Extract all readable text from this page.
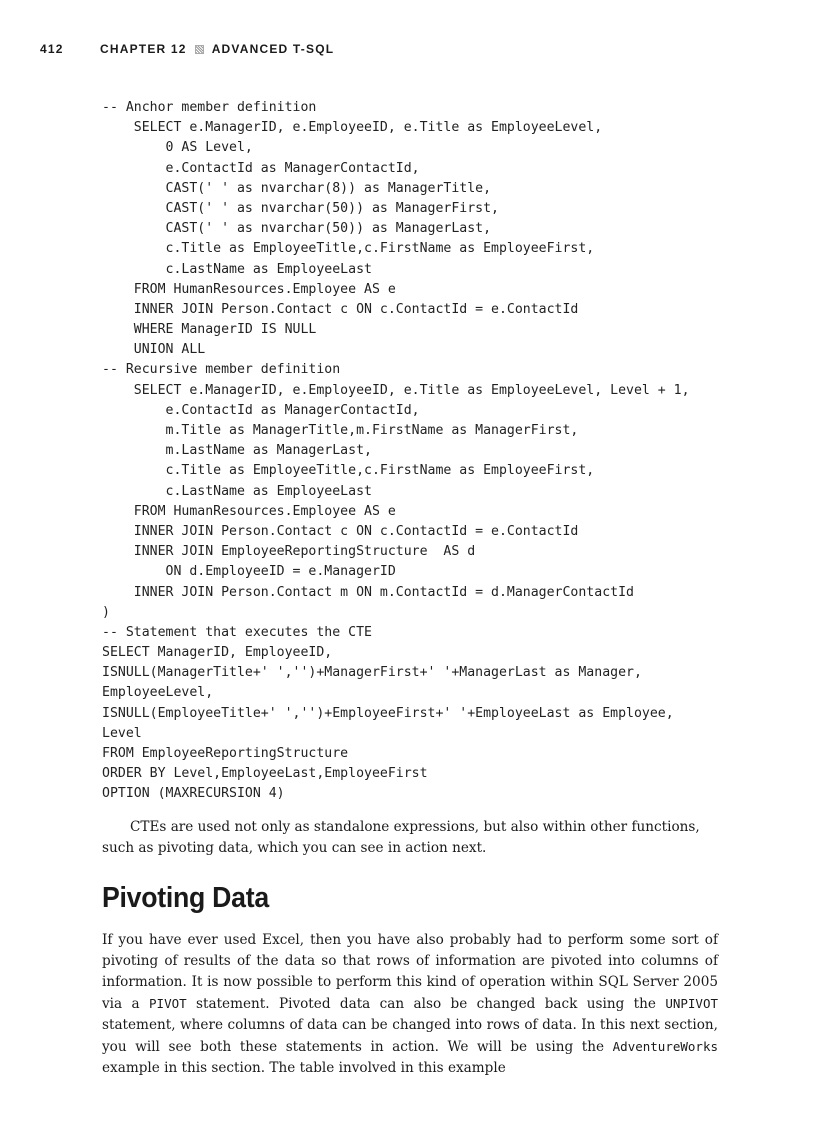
412	CHAPTER 12 ADVANCED T-SQL
-- Anchor member definition
SELECT e.ManagerID, e.EmployeeID, e.Title as EmployeeLevel,
0 AS Level,
e.ContactId as ManagerContactId,
CAST(' ' as nvarchar(8)) as ManagerTitle,
CAST(' ' as nvarchar(50)) as ManagerFirst,
CAST(' ' as nvarchar(50)) as ManagerLast,
c.Title as EmployeeTitle,c.FirstName as EmployeeFirst,
c.LastName as EmployeeLast
FROM HumanResources.Employee AS e
INNER JOIN Person.Contact c ON c.ContactId = e.ContactId
WHERE ManagerID IS NULL
UNION ALL
-- Recursive member definition
SELECT e.ManagerID, e.EmployeeID, e.Title as EmployeeLevel, Level + 1,
e.ContactId as ManagerContactId,
m.Title as ManagerTitle,m.FirstName as ManagerFirst,
m.LastName as ManagerLast,
c.Title as EmployeeTitle,c.FirstName as EmployeeFirst,
c.LastName as EmployeeLast
FROM HumanResources.Employee AS e
INNER JOIN Person.Contact c ON c.ContactId = e.ContactId
INNER JOIN EmployeeReportingStructure  AS d
ON d.EmployeeID = e.ManagerID
INNER JOIN Person.Contact m ON m.ContactId = d.ManagerContactId
)
-- Statement that executes the CTE
SELECT ManagerID, EmployeeID,
ISNULL(ManagerTitle+' ','')+ManagerFirst+' '+ManagerLast as Manager,
EmployeeLevel,
ISNULL(EmployeeTitle+' ','')+EmployeeFirst+' '+EmployeeLast as Employee,
Level
FROM EmployeeReportingStructure
ORDER BY Level,EmployeeLast,EmployeeFirst
OPTION (MAXRECURSION 4)

CTEs are used not only as standalone expressions, but also within other functions, such as pivoting data, which you can see in action next.

Pivoting Data

If you have ever used Excel, then you have also probably had to perform some sort of pivoting of results of the data so that rows of information are pivoted into columns of information. It is now possible to perform this kind of operation within SQL Server 2005 via a PIVOT statement. Pivoted data can also be changed back using the UNPIVOT statement, where columns of data can be changed into rows of data. In this next section, you will see both these statements in action. We will be using the AdventureWorks example in this section. The table involved in this example
